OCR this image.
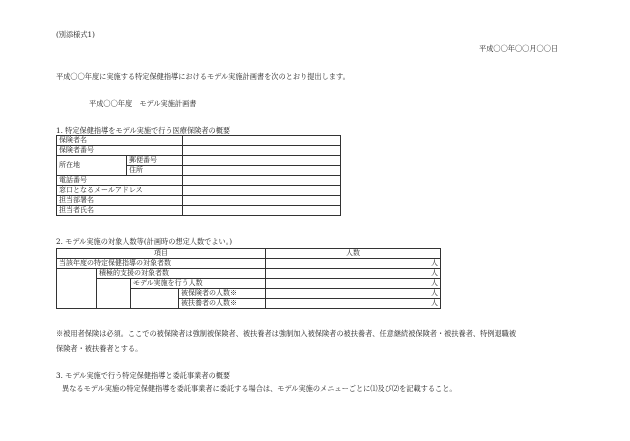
(別添様式1)
平成〇〇年〇〇月〇〇日
平成〇〇年度に実施する特定保健指導におけるモデル実施計画書を次のとおり提出します。
平成〇〇年度　モデル実施計画書
1. 特定保健指導をモデル実施で行う医療保険者の概要
保険者名		
保険者番号		
所在地	郵便番号	
	住所	
電話番号		
窓口となるメールアドレス		
担当部署名		
担当者氏名		
2. モデル実施の対象人数等(計画時の想定人数でよい。)
項目				人数
当該年度の特定保健指導の対象者数				人
	積極的支援の対象者数			人
		モデル実施を行う人数		人
			被保険者の人数※	人
			被扶養者の人数※	人
※被用者保険は必須。ここでの被保険者は強制被保険者、被扶養者は強制加入被保険者の被扶養者、任意継続被保険者・被扶養者、特例退職被
保険者・被扶養者とする。
3. モデル実施で行う特定保健指導と委託事業者の概要
異なるモデル実施の特定保健指導を委託事業者に委託する場合は、モデル実施のメニューごとに⑴及び⑵を記載すること。
